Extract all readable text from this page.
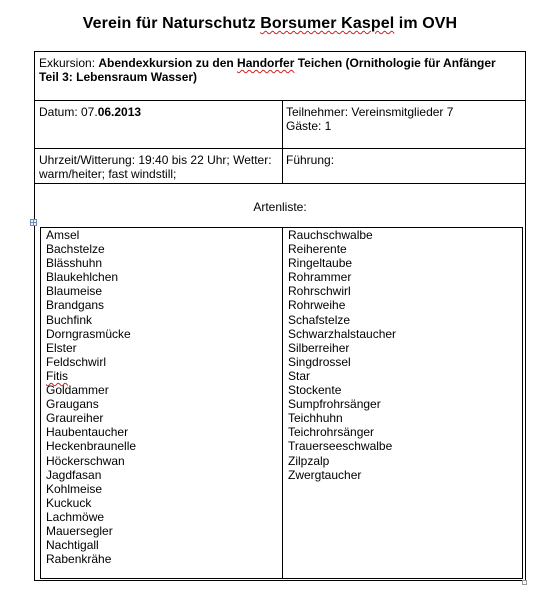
Verein für Naturschutz Borsumer Kaspel im OVH
Exkursion: Abendexkursion zu den Handorfer Teichen (Ornithologie für Anfänger
Teil 3: Lebensraum Wasser)
Datum: 07.06.2013	Teilnehmer: Vereinsmitglieder 7
Gäste: 1
Uhrzeit/Witterung: 19:40 bis 22 Uhr; Wetter:
warm/heiter; fast windstill;
Führung:
Artenliste:
Amsel
Bachstelze
Blässhuhn
Blaukehlchen
Blaumeise
Brandgans
Buchfink
Dorngrasmücke
Elster
Feldschwirl
Fitis
Goldammer
Graugans
Graureiher
Haubentaucher
Heckenbraunelle
Höckerschwan
Jagdfasan
Kohlmeise
Kuckuck
Lachmöwe
Mauersegler
Nachtigall
Rabenkrähe
Rauchschwalbe
Reiherente
Ringeltaube
Rohrammer
Rohrschwirl
Rohrweihe
Schafstelze
Schwarzhalstaucher
Silberreiher
Singdrossel
Star
Stockente
Sumpfrohrsänger
Teichhuhn
Teichrohrsänger
Trauerseeschwalbe
Zilpzalp
Zwergtaucher
